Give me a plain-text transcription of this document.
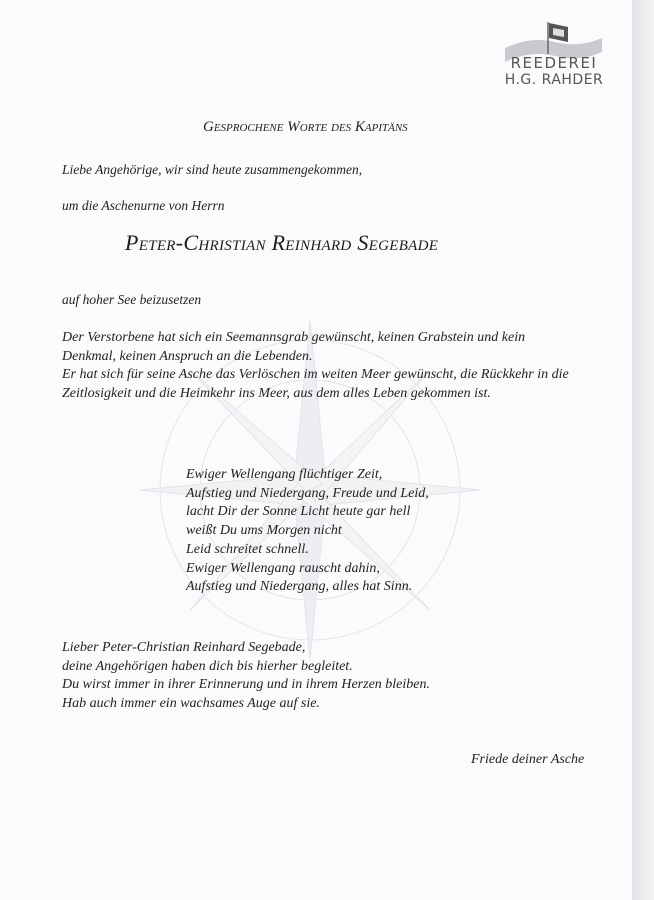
REEDEREI
H.G. RAHDER
Gesprochene Worte des Kapitäns
Liebe Angehörige, wir sind heute zusammengekommen,
um die Aschenurne von Herrn
Peter-Christian Reinhard Segebade
auf hoher See beizusetzen
Der Verstorbene hat sich ein Seemannsgrab gewünscht, keinen Grabstein und kein
Denkmal, keinen Anspruch an die Lebenden.
Er hat sich für seine Asche das Verlöschen im weiten Meer gewünscht, die Rückkehr in die
Zeitlosigkeit und die Heimkehr ins Meer, aus dem alles Leben gekommen ist.
Ewiger Wellengang flüchtiger Zeit,
Aufstieg und Niedergang, Freude und Leid,
lacht Dir der Sonne Licht heute gar hell
weißt Du ums Morgen nicht
Leid schreitet schnell.
Ewiger Wellengang rauscht dahin,
Aufstieg und Niedergang, alles hat Sinn.
Lieber Peter-Christian Reinhard Segebade,
deine Angehörigen haben dich bis hierher begleitet.
Du wirst immer in ihrer Erinnerung und in ihrem Herzen bleiben.
Hab auch immer ein wachsames Auge auf sie.
Friede deiner Asche
